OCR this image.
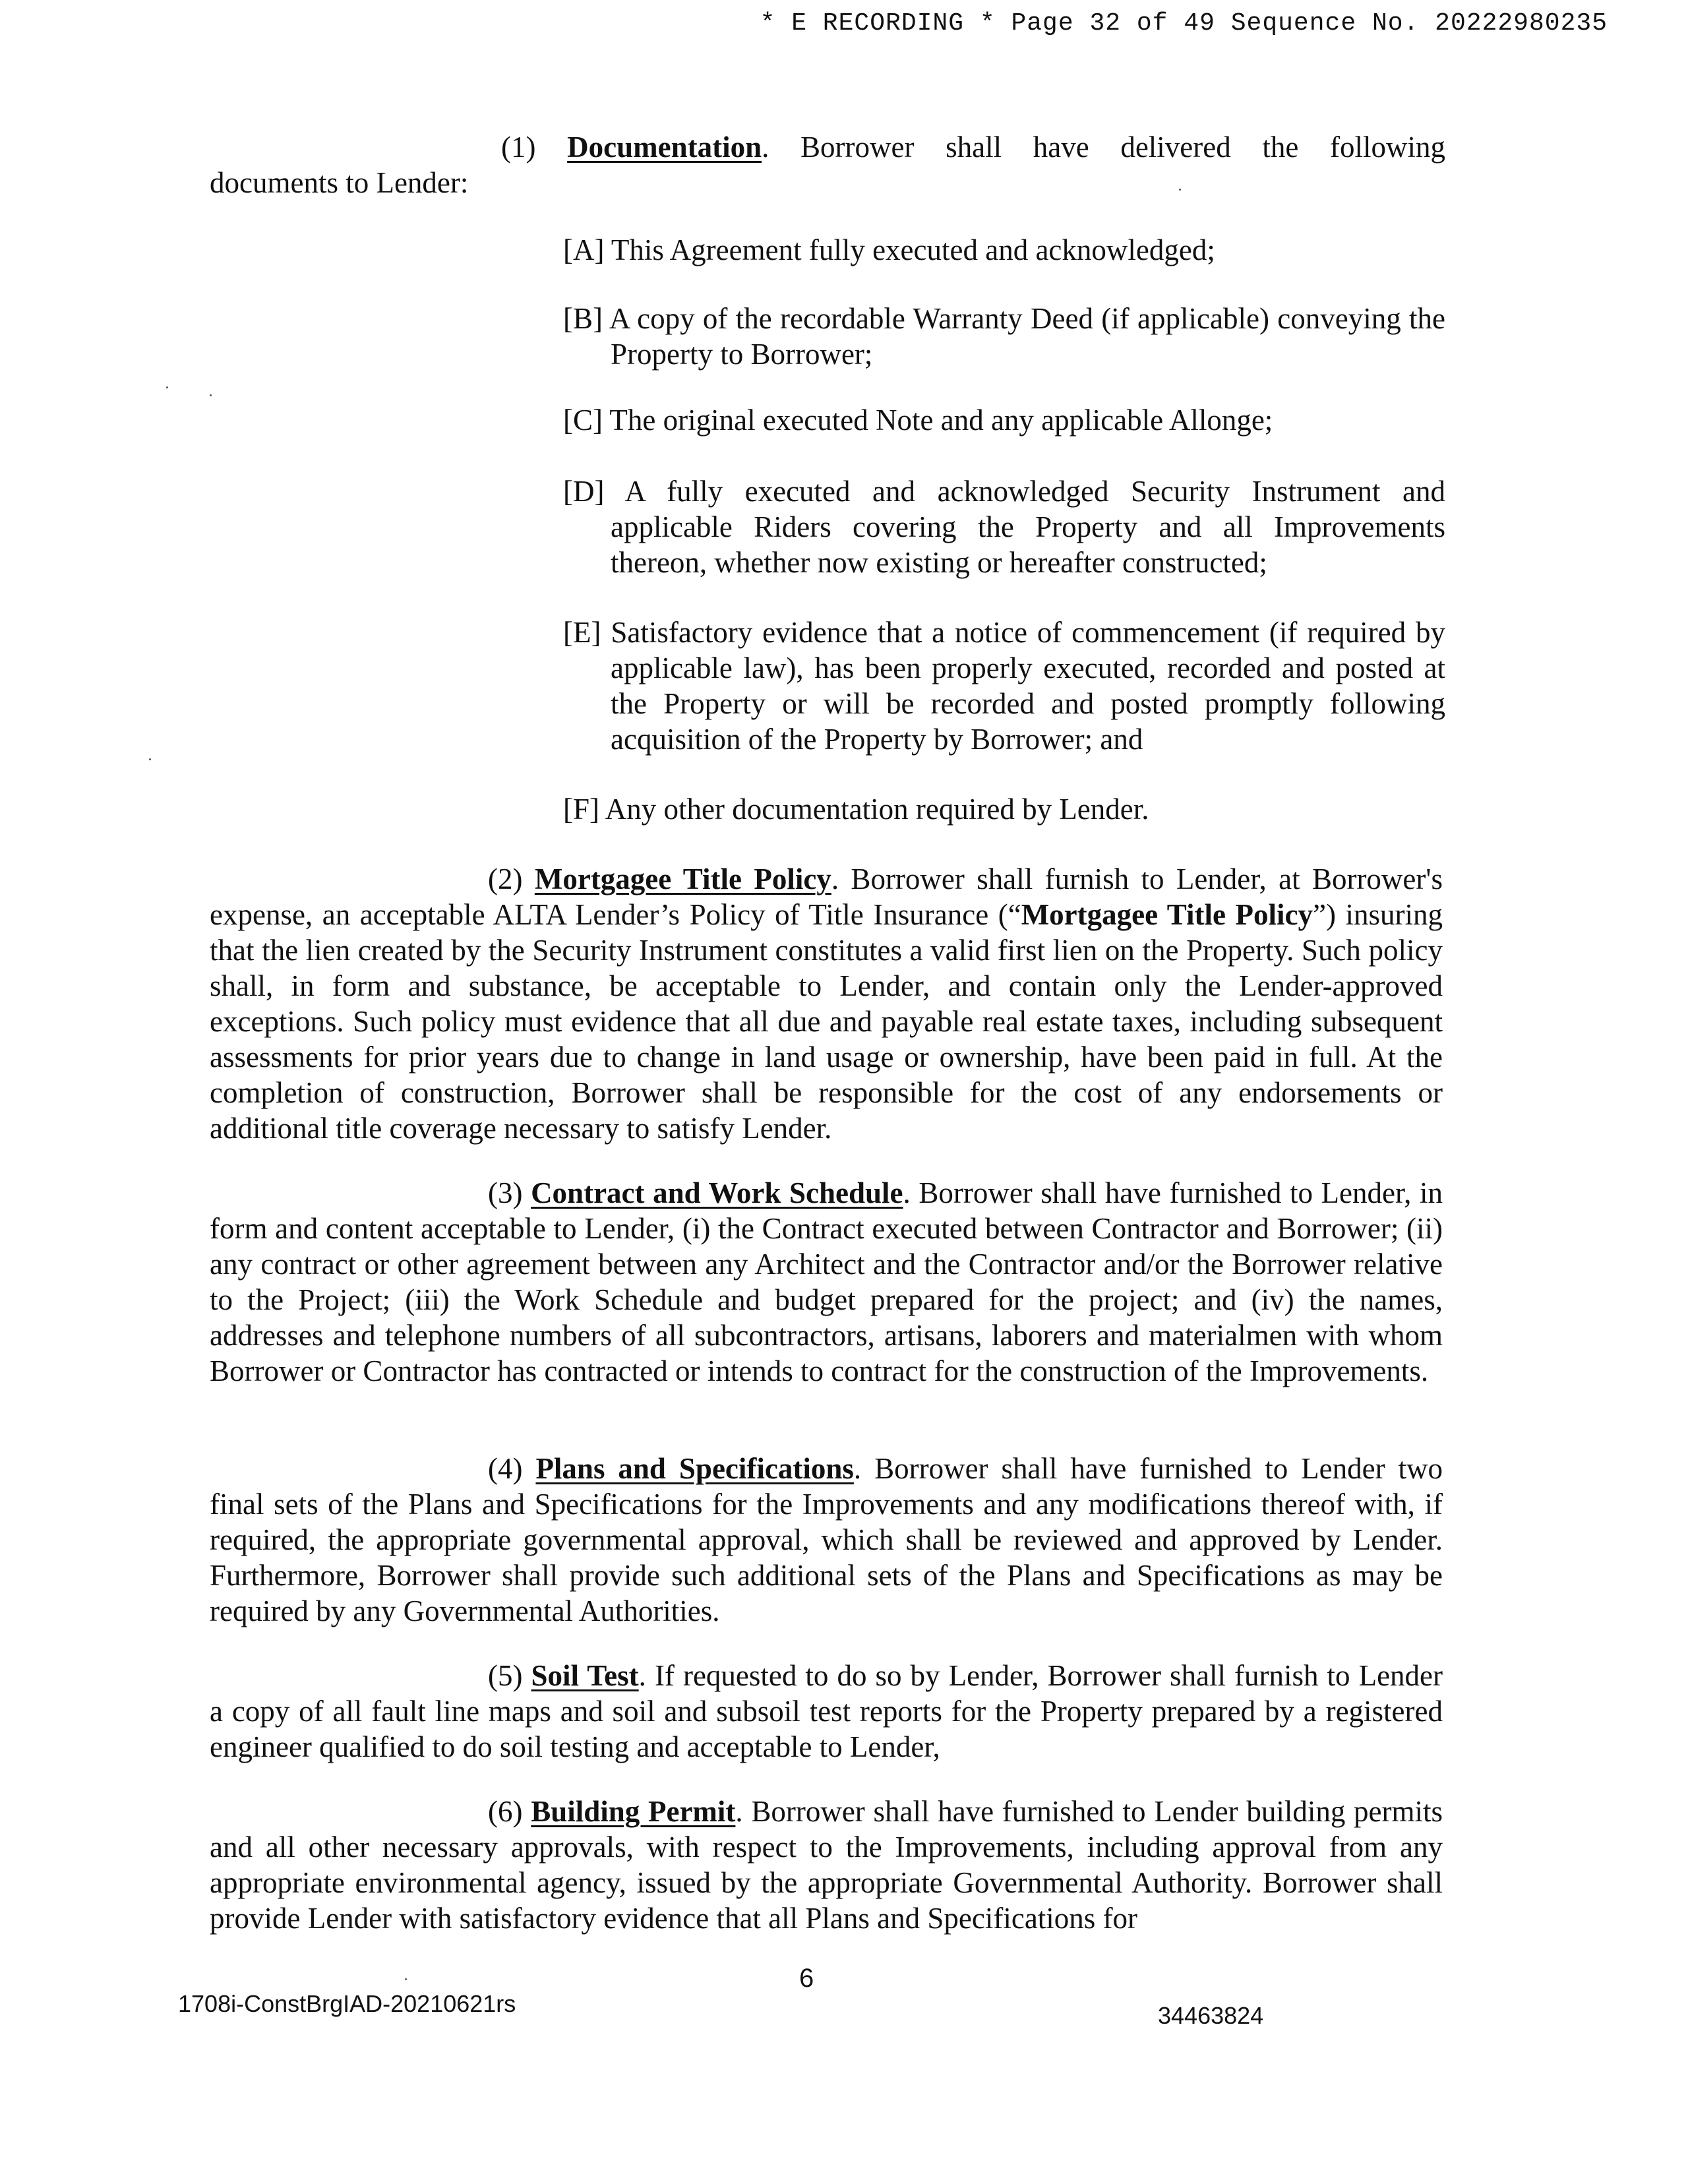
* E RECORDING * Page 32 of 49 Sequence No. 20222980235
(1) Documentation. Borrower shall have delivered the following
documents to Lender:
[A] This Agreement fully executed and acknowledged;
[B] A copy of the recordable Warranty Deed (if applicable) conveying the Property to Borrower;
[C] The original executed Note and any applicable Allonge;
[D] A fully executed and acknowledged Security Instrument and applicable Riders covering the Property and all Improvements thereon, whether now existing or hereafter constructed;
[E] Satisfactory evidence that a notice of commencement (if required by applicable law), has been properly executed, recorded and posted at the Property or will be recorded and posted promptly following acquisition of the Property by Borrower; and
[F] Any other documentation required by Lender.
(2) Mortgagee Title Policy. Borrower shall furnish to Lender, at Borrower's expense, an acceptable ALTA Lender’s Policy of Title Insurance (“Mortgagee Title Policy”) insuring that the lien created by the Security Instrument constitutes a valid first lien on the Property. Such policy shall, in form and substance, be acceptable to Lender, and contain only the Lender-approved exceptions. Such policy must evidence that all due and payable real estate taxes, including subsequent assessments for prior years due to change in land usage or ownership, have been paid in full. At the completion of construction, Borrower shall be responsible for the cost of any endorsements or additional title coverage necessary to satisfy Lender.
(3) Contract and Work Schedule. Borrower shall have furnished to Lender, in form and content acceptable to Lender, (i) the Contract executed between Contractor and Borrower; (ii) any contract or other agreement between any Architect and the Contractor and/or the Borrower relative to the Project; (iii) the Work Schedule and budget prepared for the project; and (iv) the names, addresses and telephone numbers of all subcontractors, artisans, laborers and materialmen with whom Borrower or Contractor has contracted or intends to contract for the construction of the Improvements.
(4) Plans and Specifications. Borrower shall have furnished to Lender two final sets of the Plans and Specifications for the Improvements and any modifications thereof with, if required, the appropriate governmental approval, which shall be reviewed and approved by Lender. Furthermore, Borrower shall provide such additional sets of the Plans and Specifications as may be required by any Governmental Authorities.
(5) Soil Test. If requested to do so by Lender, Borrower shall furnish to Lender a copy of all fault line maps and soil and subsoil test reports for the Property prepared by a registered engineer qualified to do soil testing and acceptable to Lender,
(6) Building Permit. Borrower shall have furnished to Lender building permits and all other necessary approvals, with respect to the Improvements, including approval from any appropriate environmental agency, issued by the appropriate Governmental Authority. Borrower shall provide Lender with satisfactory evidence that all Plans and Specifications for
6
1708i-ConstBrgIAD-20210621rs	34463824
